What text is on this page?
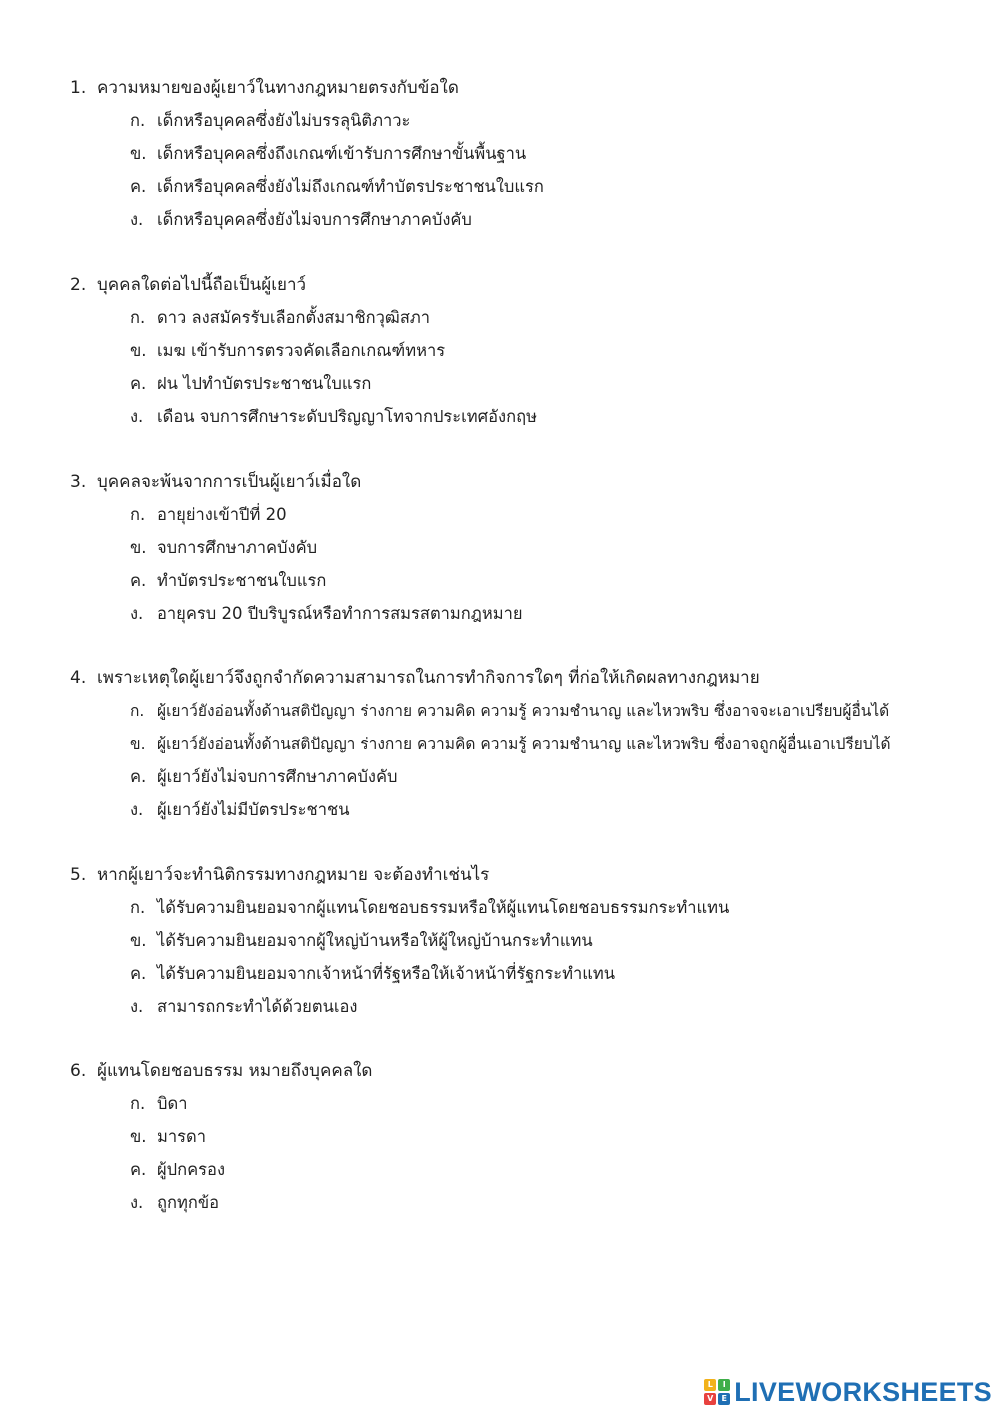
1. ความหมายของผู้เยาว์ในทางกฎหมายตรงกับข้อใด
ก. เด็กหรือบุคคลซึ่งยังไม่บรรลุนิติภาวะ
ข. เด็กหรือบุคคลซึ่งถึงเกณฑ์เข้ารับการศึกษาขั้นพื้นฐาน
ค. เด็กหรือบุคคลซึ่งยังไม่ถึงเกณฑ์ทำบัตรประชาชนใบแรก
ง. เด็กหรือบุคคลซึ่งยังไม่จบการศึกษาภาคบังคับ
2. บุคคลใดต่อไปนี้ถือเป็นผู้เยาว์
ก. ดาว ลงสมัครรับเลือกตั้งสมาชิกวุฒิสภา
ข. เมฆ เข้ารับการตรวจคัดเลือกเกณฑ์ทหาร
ค. ฝน ไปทำบัตรประชาชนใบแรก
ง. เดือน จบการศึกษาระดับปริญญาโทจากประเทศอังกฤษ
3. บุคคลจะพ้นจากการเป็นผู้เยาว์เมื่อใด
ก. อายุย่างเข้าปีที่ 20
ข. จบการศึกษาภาคบังคับ
ค. ทำบัตรประชาชนใบแรก
ง. อายุครบ 20 ปีบริบูรณ์หรือทำการสมรสตามกฎหมาย
4. เพราะเหตุใดผู้เยาว์จึงถูกจำกัดความสามารถในการทำกิจการใดๆ ที่ก่อให้เกิดผลทางกฎหมาย
ก. ผู้เยาว์ยังอ่อนทั้งด้านสติปัญญา ร่างกาย ความคิด ความรู้ ความชำนาญ และไหวพริบ ซึ่งอาจจะเอาเปรียบผู้อื่นได้
ข. ผู้เยาว์ยังอ่อนทั้งด้านสติปัญญา ร่างกาย ความคิด ความรู้ ความชำนาญ และไหวพริบ ซึ่งอาจถูกผู้อื่นเอาเปรียบได้
ค. ผู้เยาว์ยังไม่จบการศึกษาภาคบังคับ
ง. ผู้เยาว์ยังไม่มีบัตรประชาชน
5. หากผู้เยาว์จะทำนิติกรรมทางกฎหมาย จะต้องทำเช่นไร
ก. ได้รับความยินยอมจากผู้แทนโดยชอบธรรมหรือให้ผู้แทนโดยชอบธรรมกระทำแทน
ข. ได้รับความยินยอมจากผู้ใหญ่บ้านหรือให้ผู้ใหญ่บ้านกระทำแทน
ค. ได้รับความยินยอมจากเจ้าหน้าที่รัฐหรือให้เจ้าหน้าที่รัฐกระทำแทน
ง. สามารถกระทำได้ด้วยตนเอง
6. ผู้แทนโดยชอบธรรม หมายถึงบุคคลใด
ก. บิดา
ข. มารดา
ค. ผู้ปกครอง
ง. ถูกทุกข้อ
L	I
V	E LIVEWORKSHEETS
